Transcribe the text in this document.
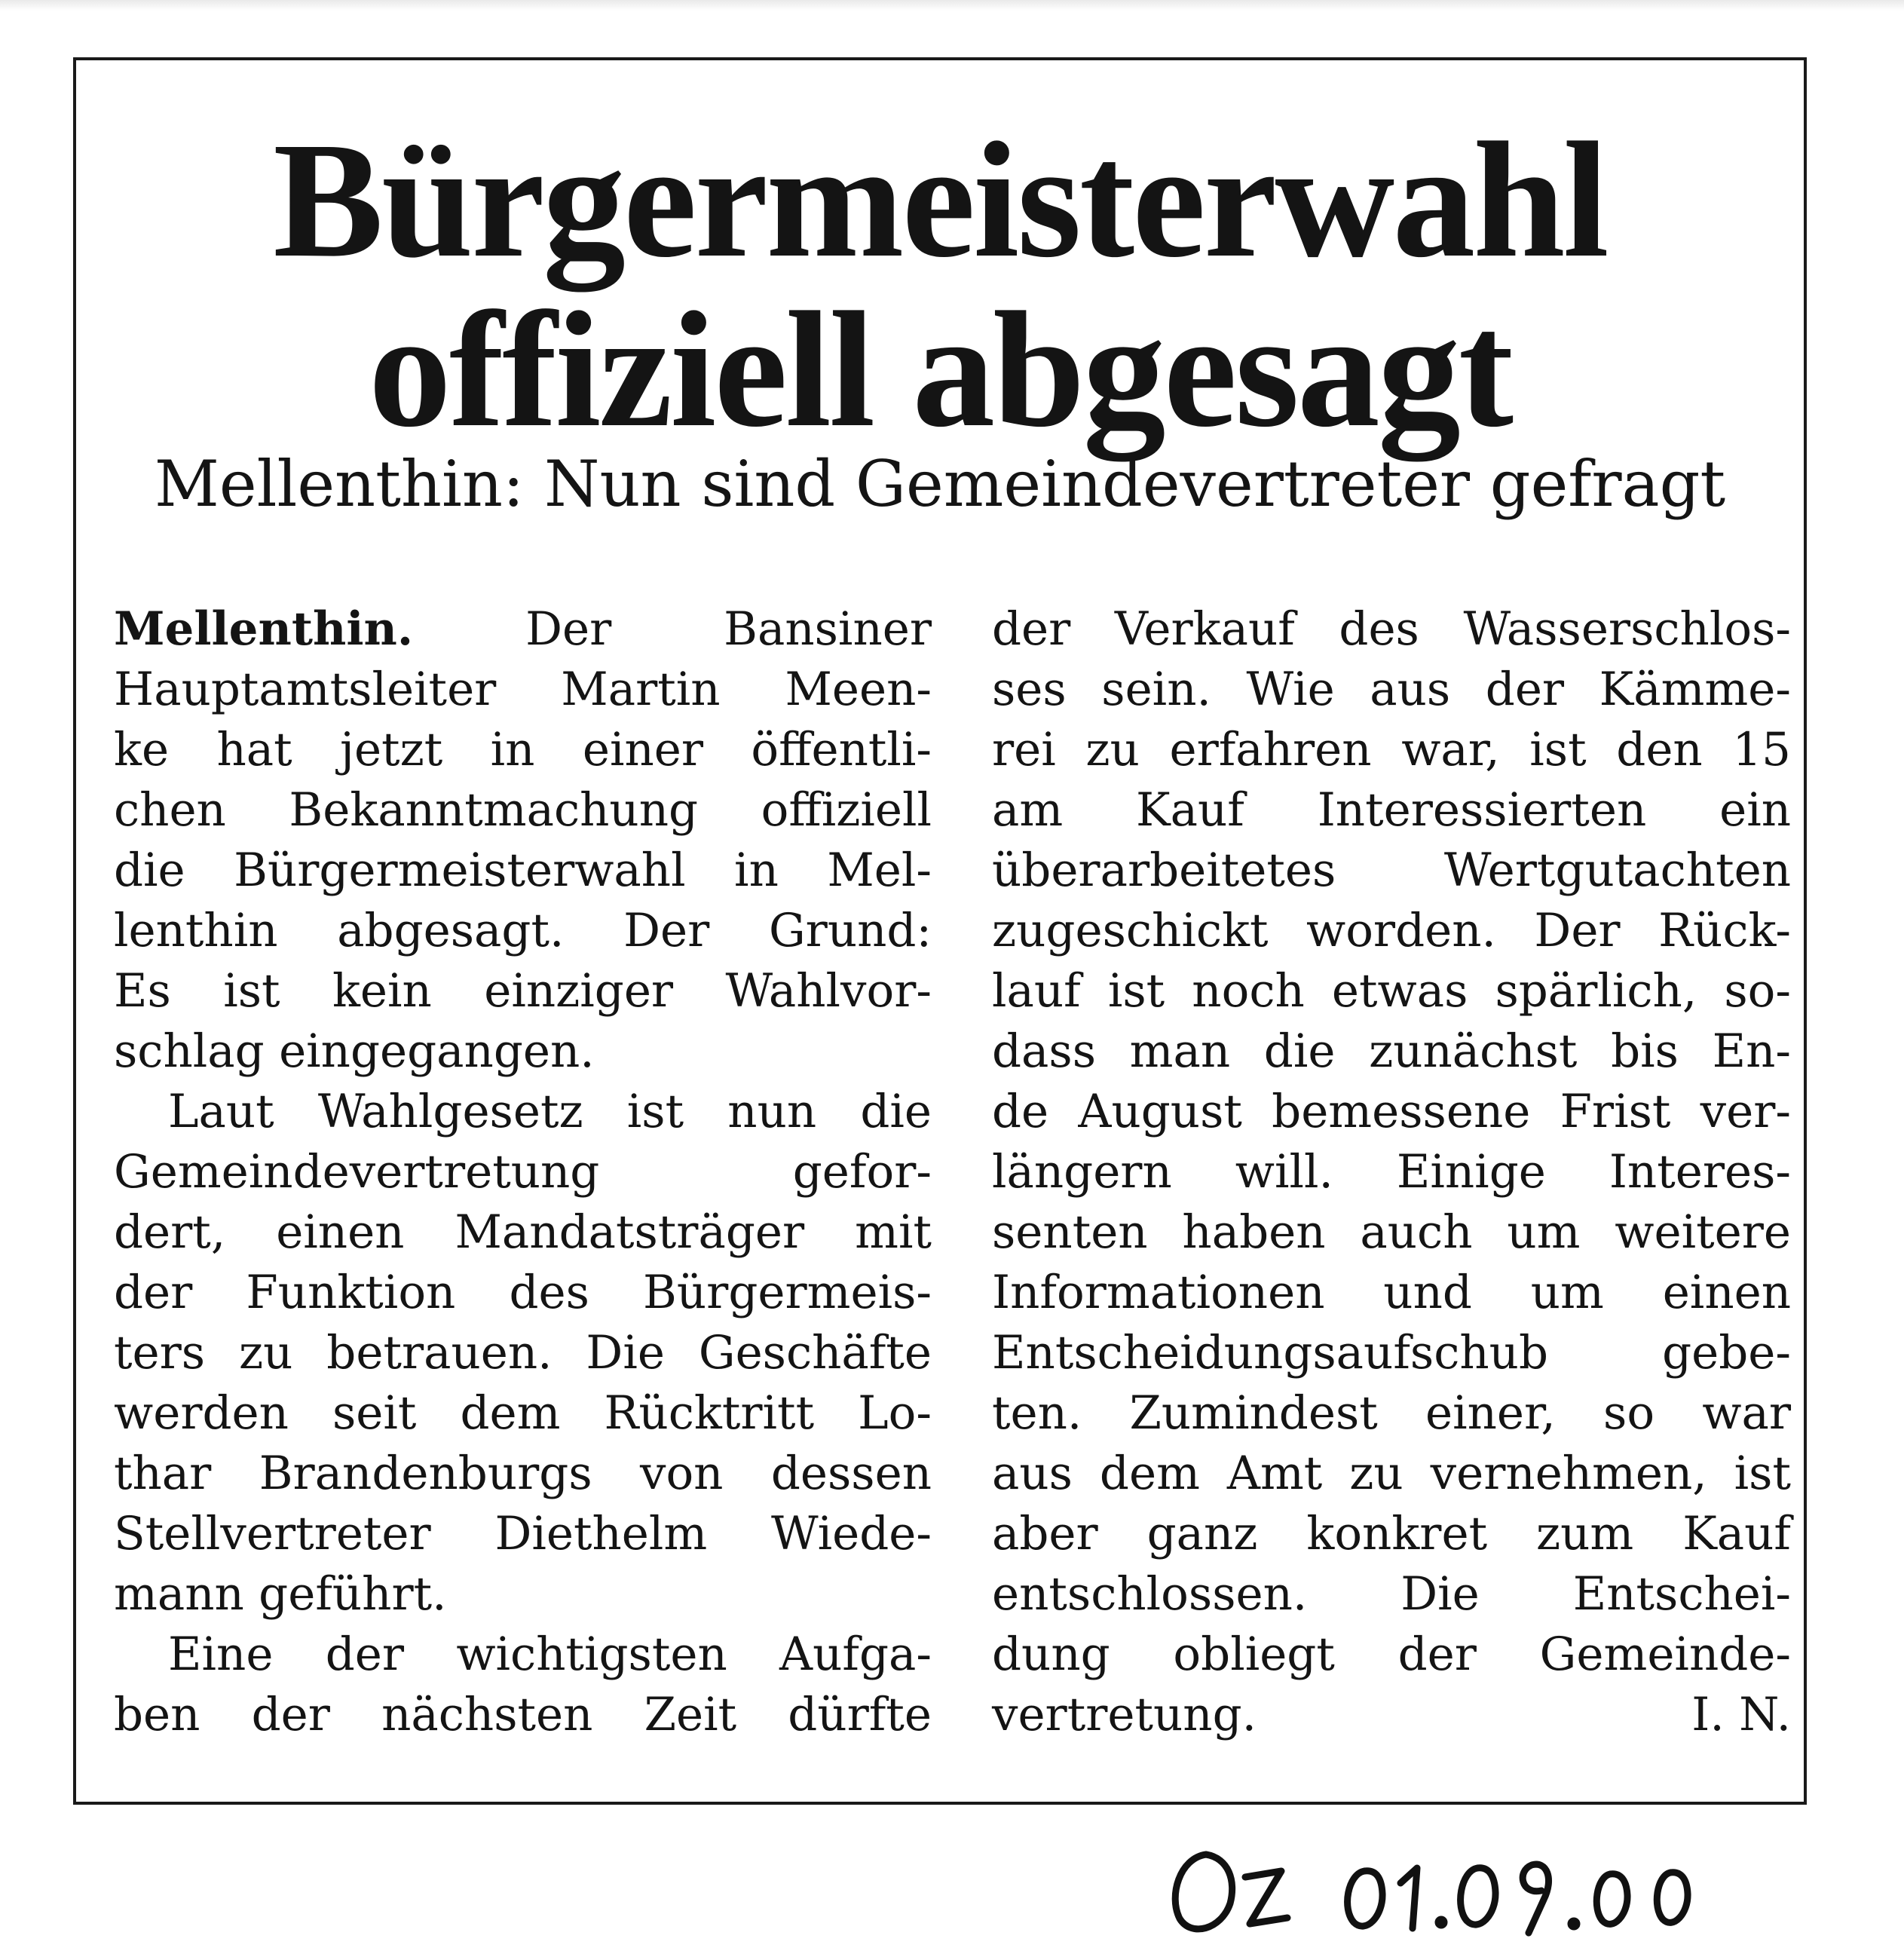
Bürgermeisterwahl
offiziell abgesagt
Mellenthin: Nun sind Gemeindevertreter gefragt
Mellenthin. Der Bansiner
Hauptamtsleiter Martin Meen-
ke hat jetzt in einer öffentli-
chen Bekanntmachung offiziell
die Bürgermeisterwahl in Mel-
lenthin abgesagt. Der Grund:
Es ist kein einziger Wahlvor-
schlag eingegangen.
Laut Wahlgesetz ist nun die
Gemeindevertretung gefor-
dert, einen Mandatsträger mit
der Funktion des Bürgermeis-
ters zu betrauen. Die Geschäfte
werden seit dem Rücktritt Lo-
thar Brandenburgs von dessen
Stellvertreter Diethelm Wiede-
mann geführt.
Eine der wichtigsten Aufga-
ben der nächsten Zeit dürfte
der Verkauf des Wasserschlos-
ses sein. Wie aus der Kämme-
rei zu erfahren war, ist den 15
am Kauf Interessierten ein
überarbeitetes Wertgutachten
zugeschickt worden. Der Rück-
lauf ist noch etwas spärlich, so-
dass man die zunächst bis En-
de August bemessene Frist ver-
längern will. Einige Interes-
senten haben auch um weitere
Informationen und um einen
Entscheidungsaufschub gebe-
ten. Zumindest einer, so war
aus dem Amt zu vernehmen, ist
aber ganz konkret zum Kauf
entschlossen. Die Entschei-
dung obliegt der Gemeinde-
vertretung.	I. N.
OZ 01.09.00
